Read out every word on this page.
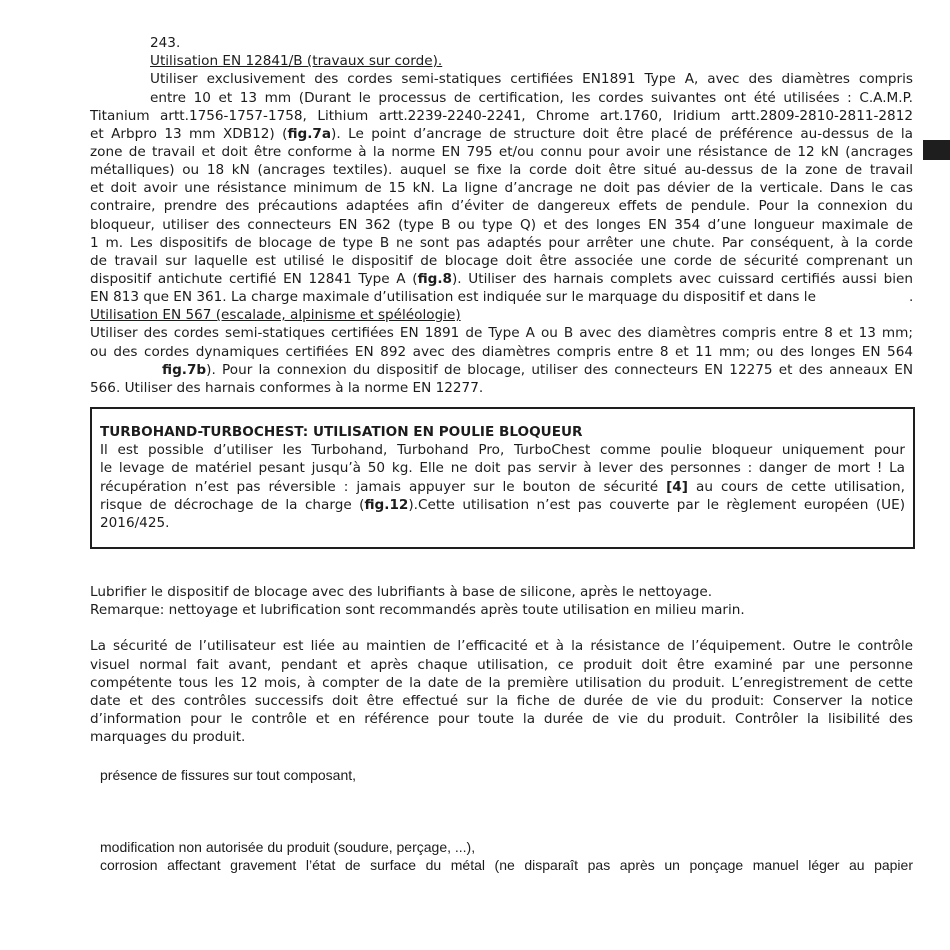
243.
Utilisation EN 12841/B (travaux sur corde).
Utiliser exclusivement des cordes semi-statiques certifiées EN1891 Type A, avec des diamètres compris
entre 10 et 13 mm (Durant le processus de certification, les cordes suivantes ont été utilisées : C.A.M.P.
Titanium artt.1756-1757-1758, Lithium artt.2239-2240-2241, Chrome art.1760, Iridium artt.2809-2810-2811-2812
et Arbpro 13 mm XDB12) (fig.7a). Le point d’ancrage de structure doit être placé de préférence au-dessus de la
zone de travail et doit être conforme à la norme EN 795 et/ou connu pour avoir une résistance de 12 kN (ancrages
métalliques) ou 18 kN (ancrages textiles). auquel se fixe la corde doit être situé au-dessus de la zone de travail
et doit avoir une résistance minimum de 15 kN. La ligne d’ancrage ne doit pas dévier de la verticale. Dans le cas
contraire, prendre des précautions adaptées afin d’éviter de dangereux effets de pendule. Pour la connexion du
bloqueur, utiliser des connecteurs EN 362 (type B ou type Q) et des longes EN 354 d’une longueur maximale de
1 m. Les dispositifs de blocage de type B ne sont pas adaptés pour arrêter une chute. Par conséquent, à la corde
de travail sur laquelle est utilisé le dispositif de blocage doit être associée une corde de sécurité comprenant un
dispositif antichute certifié EN 12841 Type A (fig.8). Utiliser des harnais complets avec cuissard certifiés aussi bien
EN 813 que EN 361. La charge maximale d’utilisation est indiquée sur le marquage du dispositif et dans le	.
Utilisation EN 567 (escalade, alpinisme et spéléologie)
Utiliser des cordes semi-statiques certifiées EN 1891 de Type A ou B avec des diamètres compris entre 8 et 13 mm;
ou des cordes dynamiques certifiées EN 892 avec des diamètres compris entre 8 et 11 mm; ou des longes EN 564
fig.7b). Pour la connexion du dispositif de blocage, utiliser des connecteurs EN 12275 et des anneaux EN
566. Utiliser des harnais conformes à la norme EN 12277.
TURBOHAND-TURBOCHEST: UTILISATION EN POULIE BLOQUEUR
Il est possible d’utiliser les Turbohand, Turbohand Pro, TurboChest comme poulie bloqueur uniquement pour
le levage de matériel pesant jusqu’à 50 kg. Elle ne doit pas servir à lever des personnes : danger de mort ! La
récupération n’est pas réversible : jamais appuyer sur le bouton de sécurité [4] au cours de cette utilisation,
risque de décrochage de la charge (fig.12).Cette utilisation n’est pas couverte par le règlement européen (UE)
2016/425.
Lubrifier le dispositif de blocage avec des lubrifiants à base de silicone, après le nettoyage.
Remarque: nettoyage et lubrification sont recommandés après toute utilisation en milieu marin.
La sécurité de l’utilisateur est liée au maintien de l’efficacité et à la résistance de l’équipement. Outre le contrôle
visuel normal fait avant, pendant et après chaque utilisation, ce produit doit être examiné par une personne
compétente tous les 12 mois, à compter de la date de la première utilisation du produit. L’enregistrement de cette
date et des contrôles successifs doit être effectué sur la fiche de durée de vie du produit: Conserver la notice
d’information pour le contrôle et en référence pour toute la durée de vie du produit. Contrôler la lisibilité des
marquages du produit.
présence de fissures sur tout composant,
modification non autorisée du produit (soudure, perçage, ...),
corrosion affectant gravement l’état de surface du métal (ne disparaît pas après un ponçage manuel léger au papier
